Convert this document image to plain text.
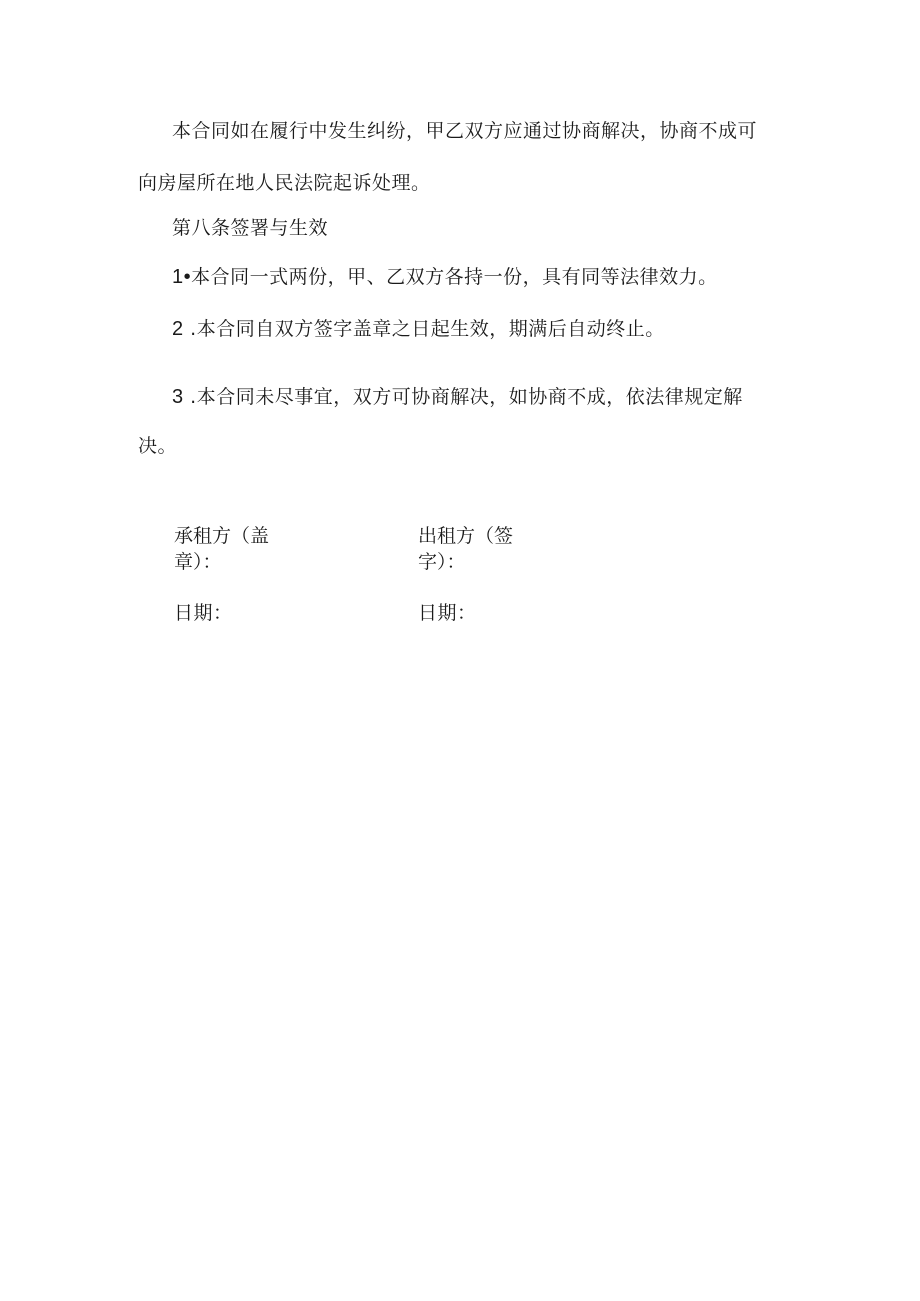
本合同如在履行中发生纠纷，甲乙双方应通过协商解决，协商不成可
向房屋所在地人民法院起诉处理。
第八条签署与生效
1•本合同一式两份，甲、乙双方各持一份，具有同等法律效力。
2 .本合同自双方签字盖章之日起生效，期满后自动终止。
3 .本合同未尽事宜，双方可协商解决，如协商不成，依法律规定解
决。
承租方（盖
章）：
出租方（签
字）：
日期：	日期：
